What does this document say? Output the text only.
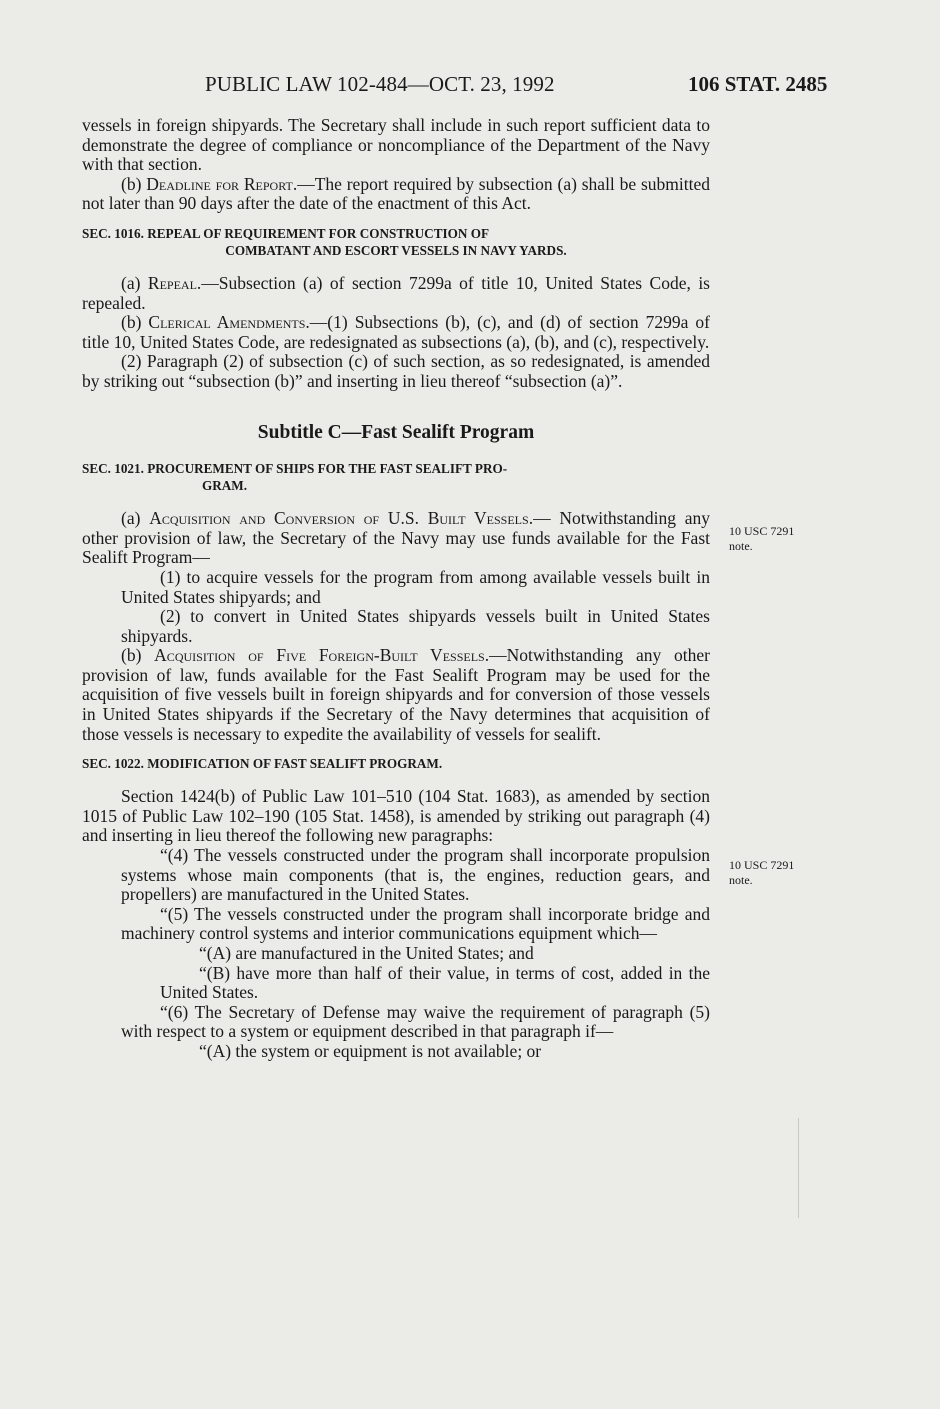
PUBLIC LAW 102-484—OCT. 23, 1992	106 STAT. 2485

vessels in foreign shipyards. The Secretary shall include in such report sufficient data to demonstrate the degree of compliance or noncompliance of the Department of the Navy with that section.

(b) Deadline for Report.—The report required by subsection (a) shall be submitted not later than 90 days after the date of the enactment of this Act.

SEC. 1016. REPEAL OF REQUIREMENT FOR CONSTRUCTION OF
COMBATANT AND ESCORT VESSELS IN NAVY YARDS.

(a) Repeal.—Subsection (a) of section 7299a of title 10, United States Code, is repealed.

(b) Clerical Amendments.—(1) Subsections (b), (c), and (d) of section 7299a of title 10, United States Code, are redesignated as subsections (a), (b), and (c), respectively.

(2) Paragraph (2) of subsection (c) of such section, as so redesignated, is amended by striking out “subsection (b)” and inserting in lieu thereof “subsection (a)”.

Subtitle C—Fast Sealift Program

SEC. 1021. PROCUREMENT OF SHIPS FOR THE FAST SEALIFT PRO-
GRAM.

(a) Acquisition and Conversion of U.S. Built Vessels.— Notwithstanding any other provision of law, the Secretary of the Navy may use funds available for the Fast Sealift Program—

(1) to acquire vessels for the program from among available vessels built in United States shipyards; and

(2) to convert in United States shipyards vessels built in United States shipyards.

(b) Acquisition of Five Foreign-Built Vessels.—Notwithstanding any other provision of law, funds available for the Fast Sealift Program may be used for the acquisition of five vessels built in foreign shipyards and for conversion of those vessels in United States shipyards if the Secretary of the Navy determines that acquisition of those vessels is necessary to expedite the availability of vessels for sealift.

SEC. 1022. MODIFICATION OF FAST SEALIFT PROGRAM.

Section 1424(b) of Public Law 101–510 (104 Stat. 1683), as amended by section 1015 of Public Law 102–190 (105 Stat. 1458), is amended by striking out paragraph (4) and inserting in lieu thereof the following new paragraphs:

“(4) The vessels constructed under the program shall incorporate propulsion systems whose main components (that is, the engines, reduction gears, and propellers) are manufactured in the United States.

“(5) The vessels constructed under the program shall incorporate bridge and machinery control systems and interior communications equipment which—

“(A) are manufactured in the United States; and

“(B) have more than half of their value, in terms of cost, added in the United States.

“(6) The Secretary of Defense may waive the requirement of paragraph (5) with respect to a system or equipment described in that paragraph if—

“(A) the system or equipment is not available; or

10 USC 7291
note.
10 USC 7291
note.
